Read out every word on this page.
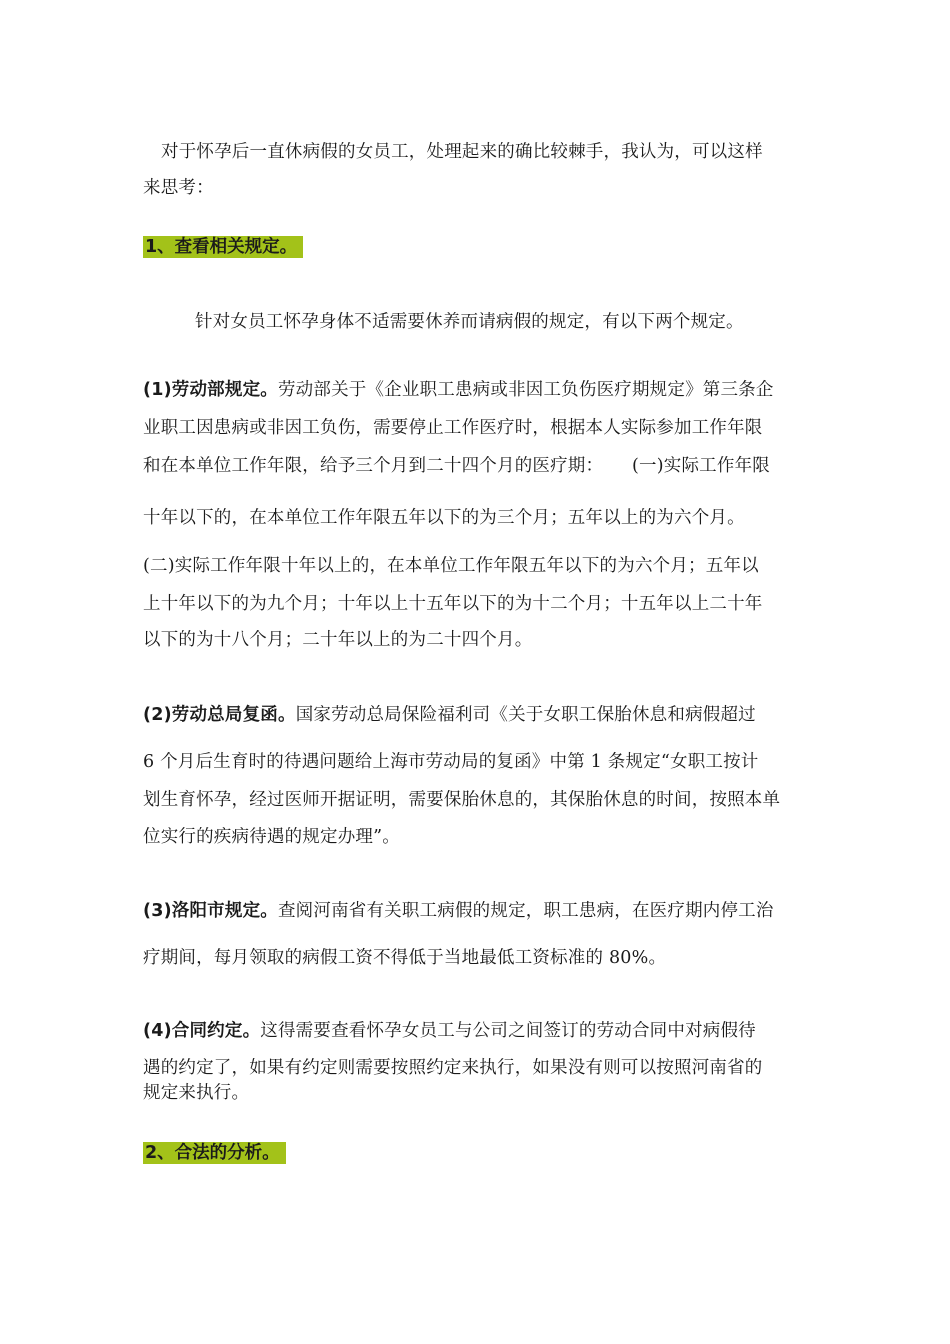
对于怀孕后一直休病假的女员工，处理起来的确比较棘手，我认为，可以这样
来思考：
1、查看相关规定。
针对女员工怀孕身体不适需要休养而请病假的规定，有以下两个规定。
(1)劳动部规定。劳动部关于《企业职工患病或非因工负伤医疗期规定》第三条企
业职工因患病或非因工负伤，需要停止工作医疗时，根据本人实际参加工作年限
和在本单位工作年限，给予三个月到二十四个月的医疗期：     (一)实际工作年限
十年以下的，在本单位工作年限五年以下的为三个月；五年以上的为六个月。
(二)实际工作年限十年以上的，在本单位工作年限五年以下的为六个月；五年以
上十年以下的为九个月；十年以上十五年以下的为十二个月；十五年以上二十年
以下的为十八个月；二十年以上的为二十四个月。
(2)劳动总局复函。国家劳动总局保险福利司《关于女职工保胎休息和病假超过
6 个月后生育时的待遇问题给上海市劳动局的复函》中第 1 条规定“女职工按计
划生育怀孕，经过医师开据证明，需要保胎休息的，其保胎休息的时间，按照本单
位实行的疾病待遇的规定办理”。
(3)洛阳市规定。查阅河南省有关职工病假的规定，职工患病，在医疗期内停工治
疗期间，每月领取的病假工资不得低于当地最低工资标准的 80%。
(4)合同约定。这得需要查看怀孕女员工与公司之间签订的劳动合同中对病假待
遇的约定了，如果有约定则需要按照约定来执行，如果没有则可以按照河南省的
规定来执行。
2、合法的分析。
